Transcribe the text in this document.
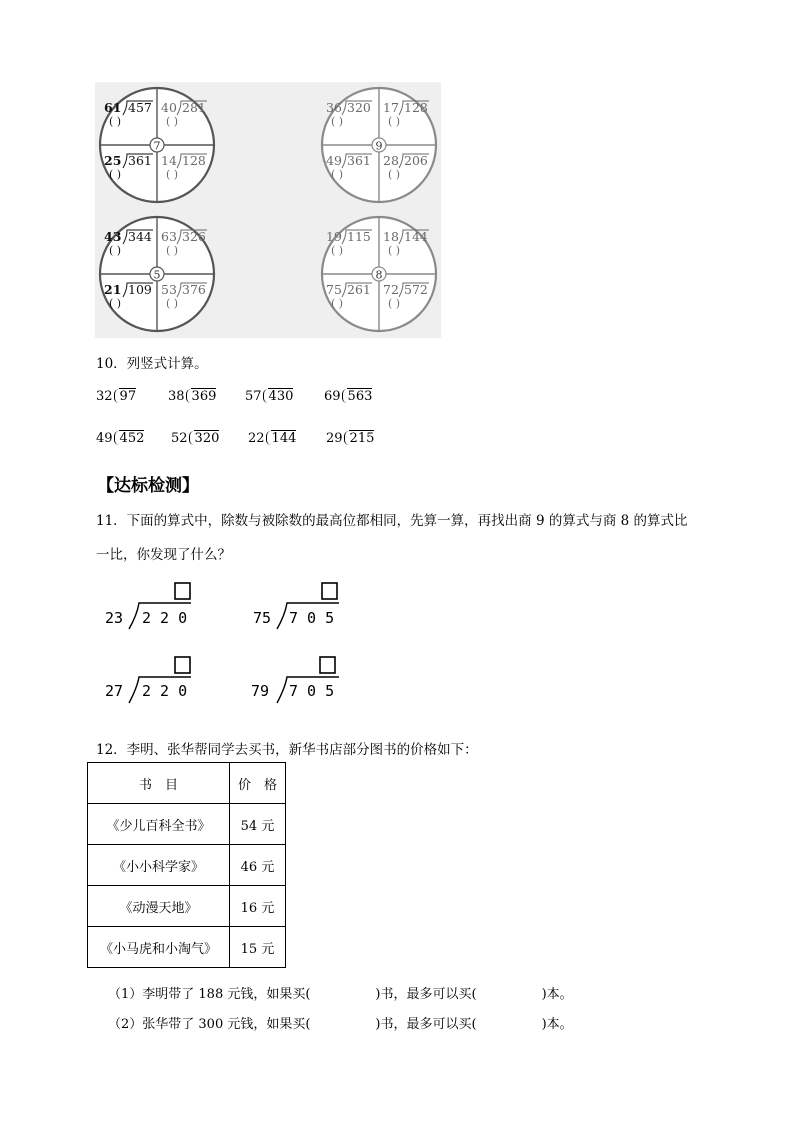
7
61 457
( )
40 281
( )
25 361
( )
14 128
( )
9
36 320
( )
17 128
( )
49 361
( )
28 206
( )
5
43 344
( )
63 326
( )
21 109
( )
53 376
( )
8
19 115
( )
18 144
( )
75 261
( )
72 572
( )
10．列竖式计算。
32 97 38 369 57 430 69 563
49 452 52 320 22 144 29 215
【达标检测】
11．下面的算式中，除数与被除数的最高位都相同，先算一算，再找出商 9 的算式与商 8 的算式比
一比，你发现了什么？
23 2 2 0	75 7 0 5
27 2 2 0	79 7 0 5
12．李明、张华帮同学去买书，新华书店部分图书的价格如下：
书　目	价　格
《少儿百科全书》	54 元
《小小科学家》	46 元
《动漫天地》	16 元
《小马虎和小淘气》	15 元
（1）李明带了 188 元钱，如果买(　　　　　)书，最多可以买(　　　　　)本。
（2）张华带了 300 元钱，如果买(　　　　　)书，最多可以买(　　　　　)本。
